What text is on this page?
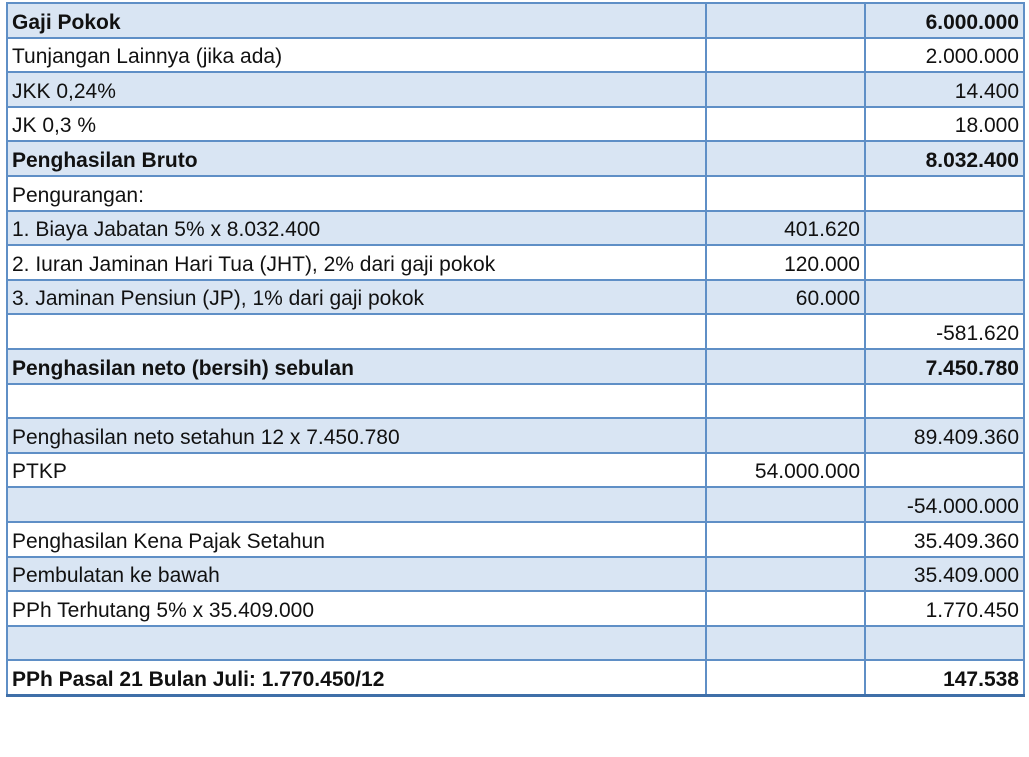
Gaji Pokok		6.000.000
Tunjangan Lainnya (jika ada)		2.000.000
JKK 0,24%		14.400
JK 0,3 %		18.000
Penghasilan Bruto		8.032.400
Pengurangan:		
1. Biaya Jabatan 5% x 8.032.400	401.620	
2. Iuran Jaminan Hari Tua (JHT), 2% dari gaji pokok	120.000	
3. Jaminan Pensiun (JP), 1% dari gaji pokok	60.000	
		-581.620
Penghasilan neto (bersih) sebulan		7.450.780

Penghasilan neto setahun 12 x 7.450.780		89.409.360
PTKP	54.000.000	
		-54.000.000
Penghasilan Kena Pajak Setahun		35.409.360
Pembulatan ke bawah		35.409.000
PPh Terhutang 5% x 35.409.000		1.770.450

PPh Pasal 21 Bulan Juli: 1.770.450/12		147.538
